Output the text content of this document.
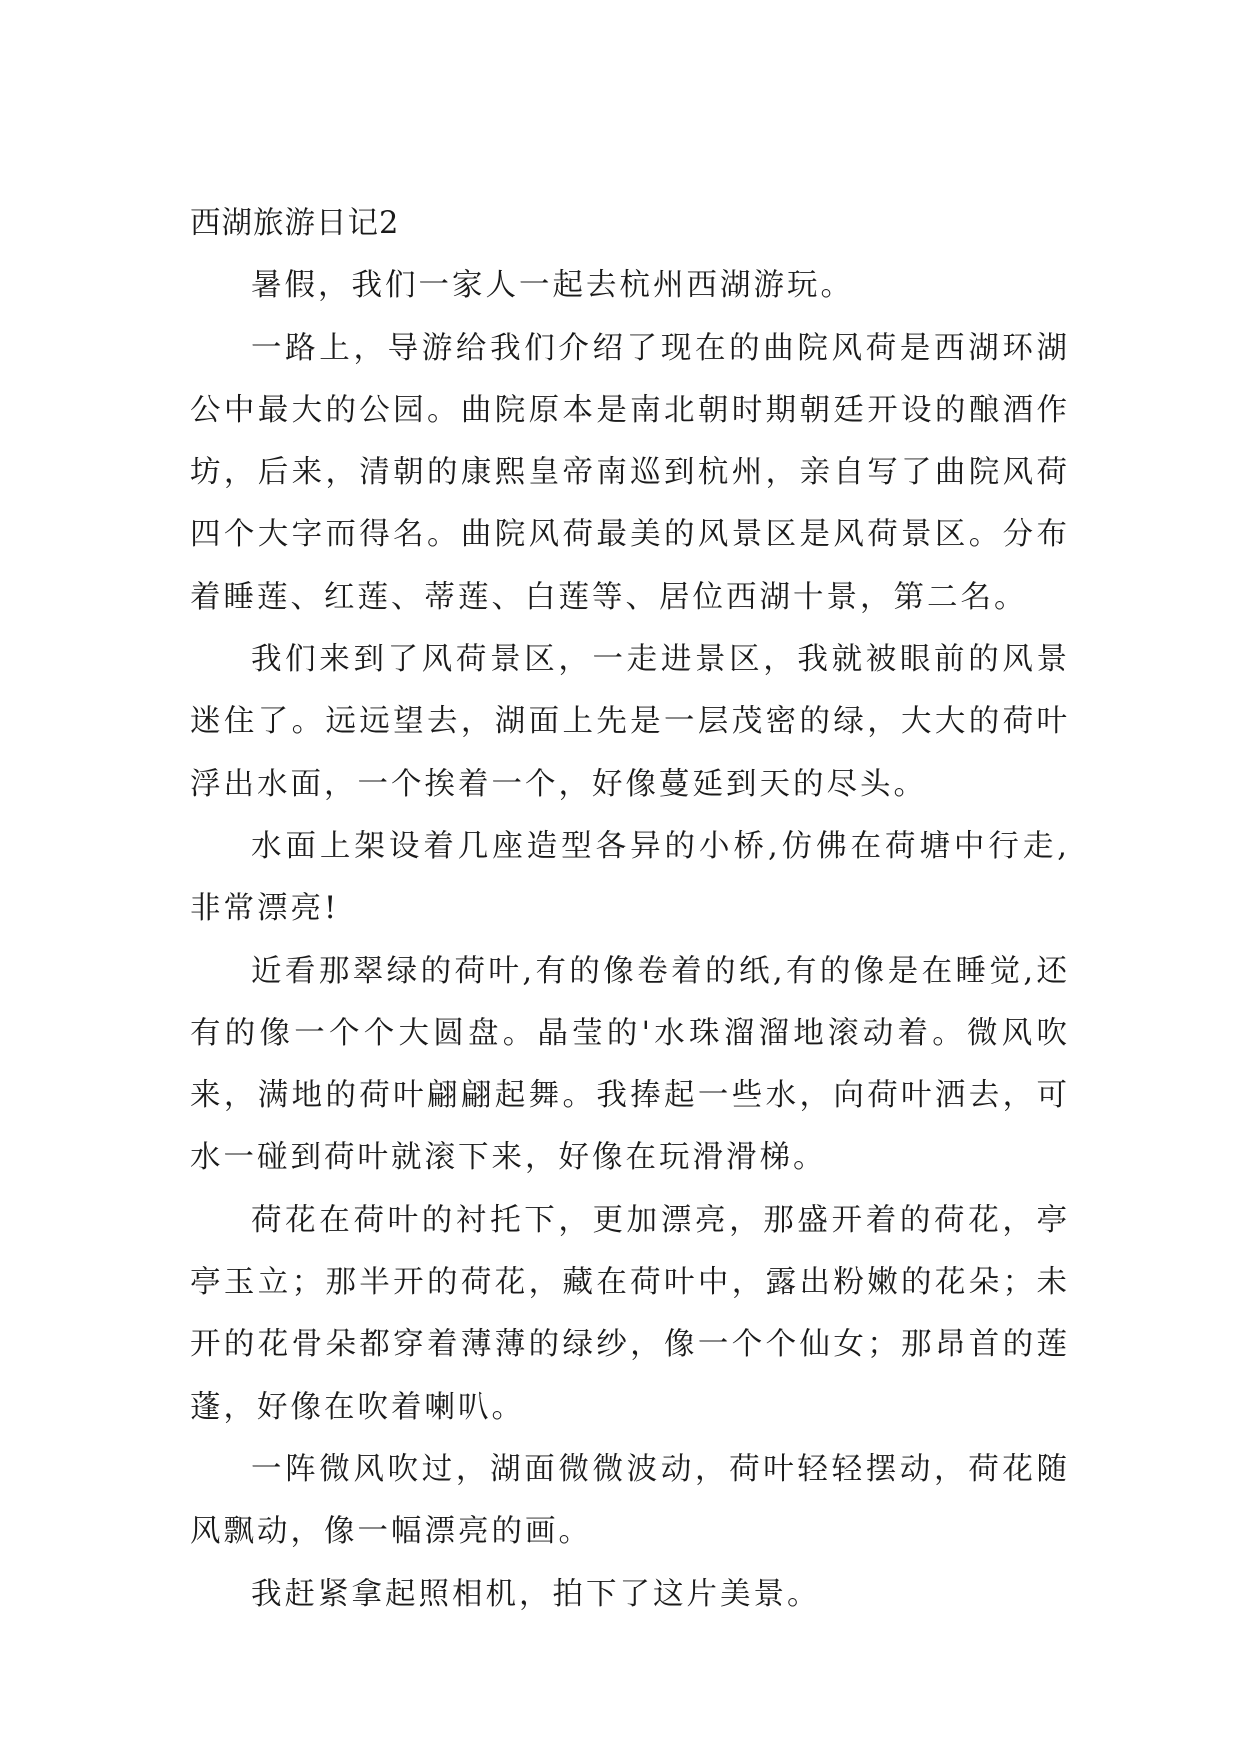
西湖旅游日记2

暑假，我们一家人一起去杭州西湖游玩。

一路上，导游给我们介绍了现在的曲院风荷是西湖环湖公中最大的公园。曲院原本是南北朝时期朝廷开设的酿酒作坊，后来，清朝的康熙皇帝南巡到杭州，亲自写了曲院风荷四个大字而得名。曲院风荷最美的风景区是风荷景区。分布着睡莲、红莲、蒂莲、白莲等、居位西湖十景，第二名。

我们来到了风荷景区，一走进景区，我就被眼前的风景迷住了。远远望去，湖面上先是一层茂密的绿，大大的荷叶浮出水面，一个挨着一个，好像蔓延到天的尽头。

水面上架设着几座造型各异的小桥,仿佛在荷塘中行走,非常漂亮!

近看那翠绿的荷叶,有的像卷着的纸,有的像是在睡觉,还有的像一个个大圆盘。晶莹的'水珠溜溜地滚动着。微风吹来，满地的荷叶翩翩起舞。我捧起一些水，向荷叶洒去，可水一碰到荷叶就滚下来，好像在玩滑滑梯。

荷花在荷叶的衬托下，更加漂亮，那盛开着的荷花，亭亭玉立；那半开的荷花，藏在荷叶中，露出粉嫩的花朵；未开的花骨朵都穿着薄薄的绿纱，像一个个仙女；那昂首的莲蓬，好像在吹着喇叭。

一阵微风吹过，湖面微微波动，荷叶轻轻摆动，荷花随风飘动，像一幅漂亮的画。

我赶紧拿起照相机，拍下了这片美景。
